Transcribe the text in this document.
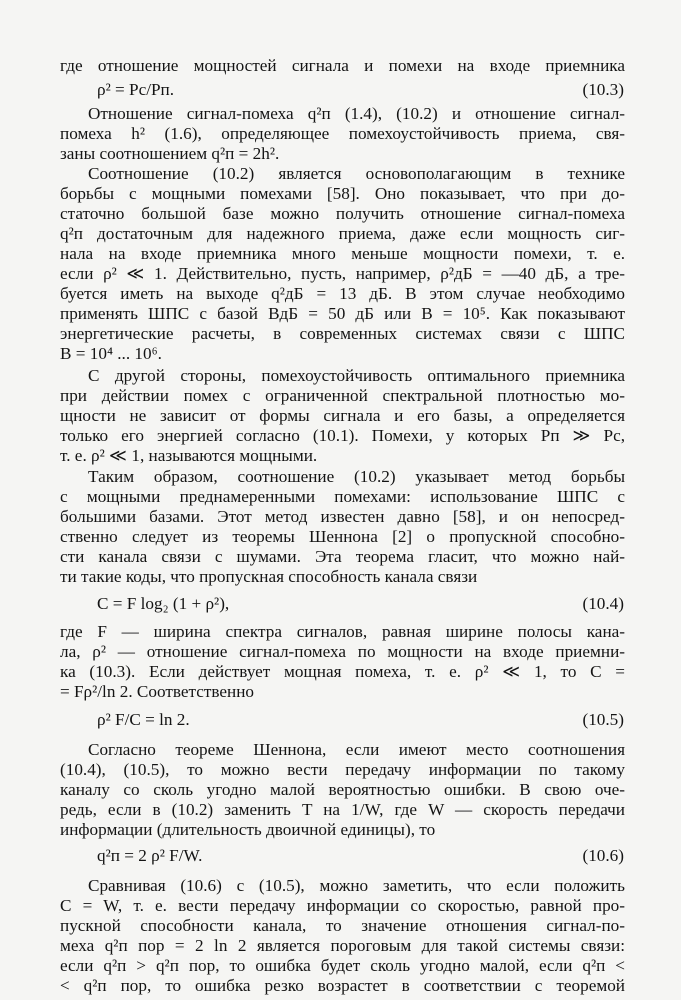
где отношение мощностей сигнала и помехи на входе приемника
ρ² = Pс/Pп.	(10.3)
Отношение сигнал-помеха q²п (1.4), (10.2) и отношение сигнал-
помеха h² (1.6), определяющее помехоустойчивость приема, свя-
заны соотношением q²п = 2h².
Соотношение (10.2) является основополагающим в технике
борьбы с мощными помехами [58]. Оно показывает, что при до-
статочно большой базе можно получить отношение сигнал-помеха
q²п достаточным для надежного приема, даже если мощность сиг-
нала на входе приемника много меньше мощности помехи, т. е.
если ρ² ≪ 1. Действительно, пусть, например, ρ²дБ = —40 дБ, а тре-
буется иметь на выходе q²дБ = 13 дБ. В этом случае необходимо
применять ШПС с базой BдБ = 50 дБ или B = 10⁵. Как показывают
энергетические расчеты, в современных системах связи с ШПС
B = 10⁴ ... 10⁶.
С другой стороны, помехоустойчивость оптимального приемника
при действии помех с ограниченной спектральной плотностью мо-
щности не зависит от формы сигнала и его базы, а определяется
только его энергией согласно (10.1). Помехи, у которых Pп ≫ Pс,
т. е. ρ² ≪ 1, называются мощными.
Таким образом, соотношение (10.2) указывает метод борьбы
с мощными преднамеренными помехами: использование ШПС с
большими базами. Этот метод известен давно [58], и он непосред-
ственно следует из теоремы Шеннона [2] о пропускной способно-
сти канала связи с шумами. Эта теорема гласит, что можно най-
ти такие коды, что пропускная способность канала связи
C = F log₂ (1 + ρ²),	(10.4)
где F — ширина спектра сигналов, равная ширине полосы кана-
ла, ρ² — отношение сигнал-помеха по мощности на входе приемни-
ка (10.3). Если действует мощная помеха, т. е. ρ² ≪ 1, то C =
= Fρ²/ln 2. Соответственно
ρ² F/C = ln 2.	(10.5)
Согласно теореме Шеннона, если имеют место соотношения
(10.4), (10.5), то можно вести передачу информации по такому
каналу со сколь угодно малой вероятностью ошибки. В свою оче-
редь, если в (10.2) заменить T на 1/W, где W — скорость передачи
информации (длительность двоичной единицы), то
q²п = 2 ρ² F/W.	(10.6)
Сравнивая (10.6) с (10.5), можно заметить, что если положить
C = W, т. е. вести передачу информации со скоростью, равной про-
пускной способности канала, то значение отношения сигнал-по-
меха q²п пор = 2 ln 2 является пороговым для такой системы связи:
если q²п > q²п пор, то ошибка будет сколь угодно малой, если q²п <
< q²п пор, то ошибка резко возрастет в соответствии с теоремой
